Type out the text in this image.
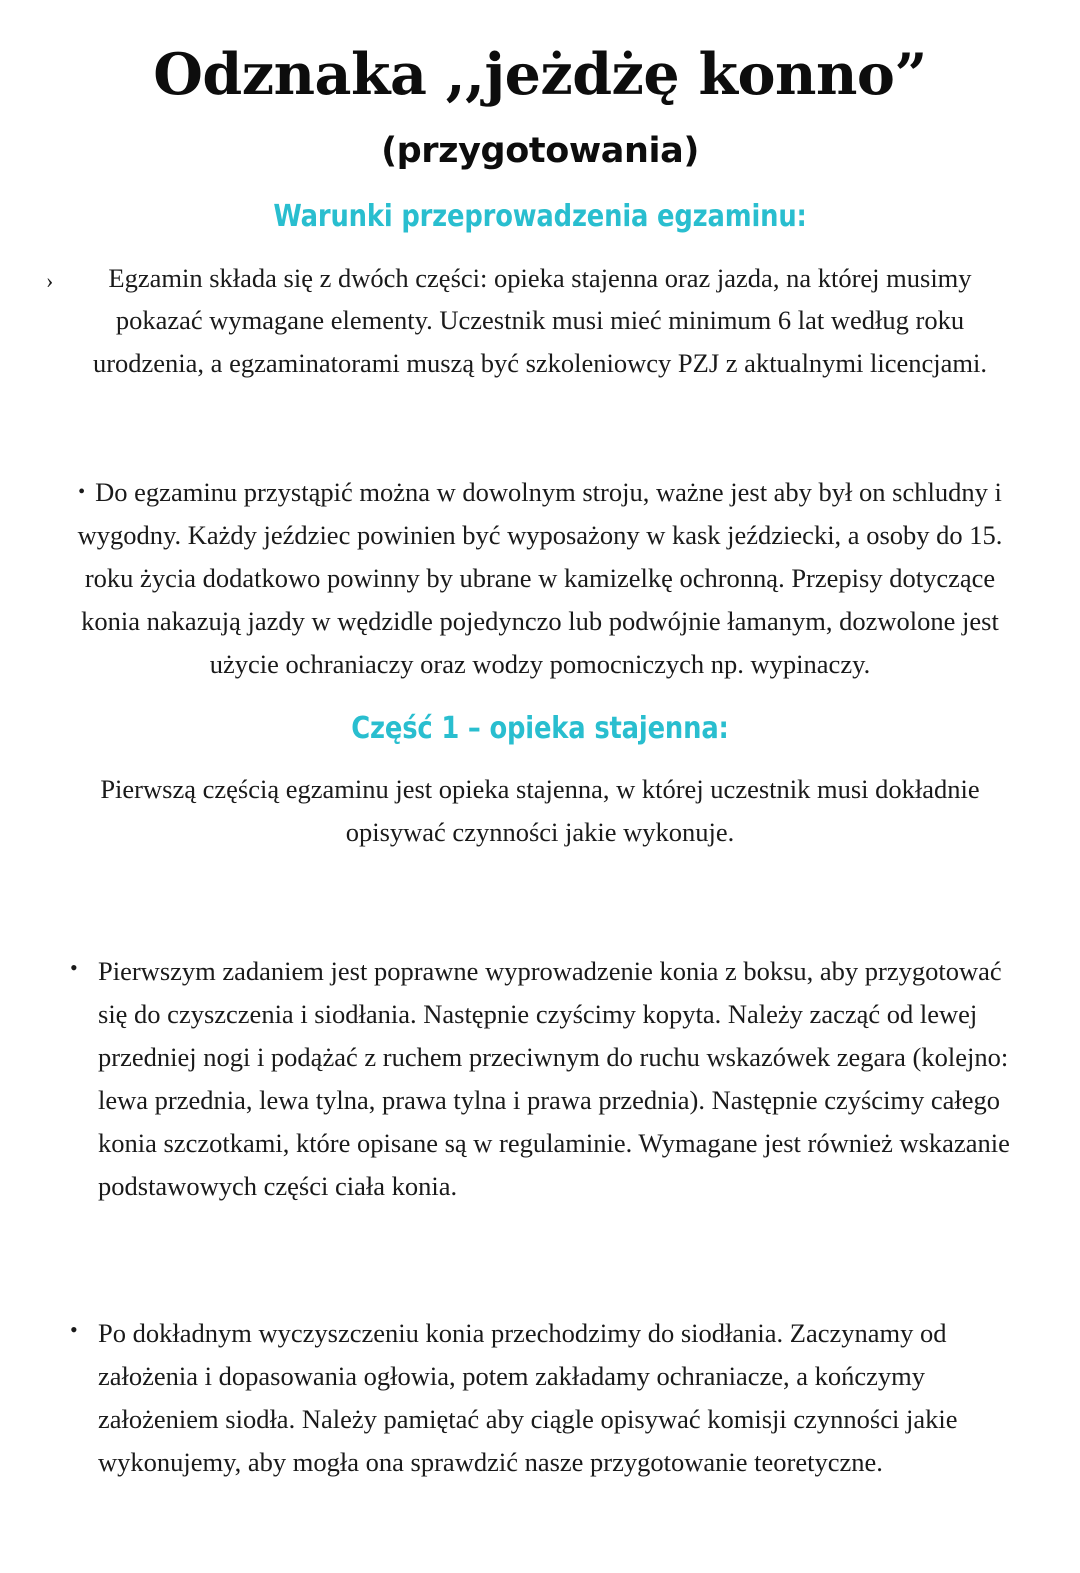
Odznaka ,,jeżdżę konno”
(przygotowania)
Warunki przeprowadzenia egzaminu:
› Egzamin składa się z dwóch części: opieka stajenna oraz jazda, na której musimy pokazać wymagane elementy. Uczestnik musi mieć minimum 6 lat według roku urodzenia, a egzaminatorami muszą być szkoleniowcy PZJ z aktualnymi licencjami.
• Do egzaminu przystąpić można w dowolnym stroju, ważne jest aby był on schludny i wygodny. Każdy jeździec powinien być wyposażony w kask jeździecki, a osoby do 15. roku życia dodatkowo powinny by ubrane w kamizelkę ochronną. Przepisy dotyczące konia nakazują jazdy w wędzidle pojedynczo lub podwójnie łamanym, dozwolone jest użycie ochraniaczy oraz wodzy pomocniczych np. wypinaczy.
Część 1 – opieka stajenna:
Pierwszą częścią egzaminu jest opieka stajenna, w której uczestnik musi dokładnie opisywać czynności jakie wykonuje.
• Pierwszym zadaniem jest poprawne wyprowadzenie konia z boksu, aby przygotować się do czyszczenia i siodłania. Następnie czyścimy kopyta. Należy zacząć od lewej przedniej nogi i podążać z ruchem przeciwnym do ruchu wskazówek zegara (kolejno: lewa przednia, lewa tylna, prawa tylna i prawa przednia). Następnie czyścimy całego konia szczotkami, które opisane są w regulaminie. Wymagane jest również wskazanie podstawowych części ciała konia.
• Po dokładnym wyczyszczeniu konia przechodzimy do siodłania. Zaczynamy od założenia i dopasowania ogłowia, potem zakładamy ochraniacze, a kończymy założeniem siodła. Należy pamiętać aby ciągle opisywać komisji czynności jakie wykonujemy, aby mogła ona sprawdzić nasze przygotowanie teoretyczne.
